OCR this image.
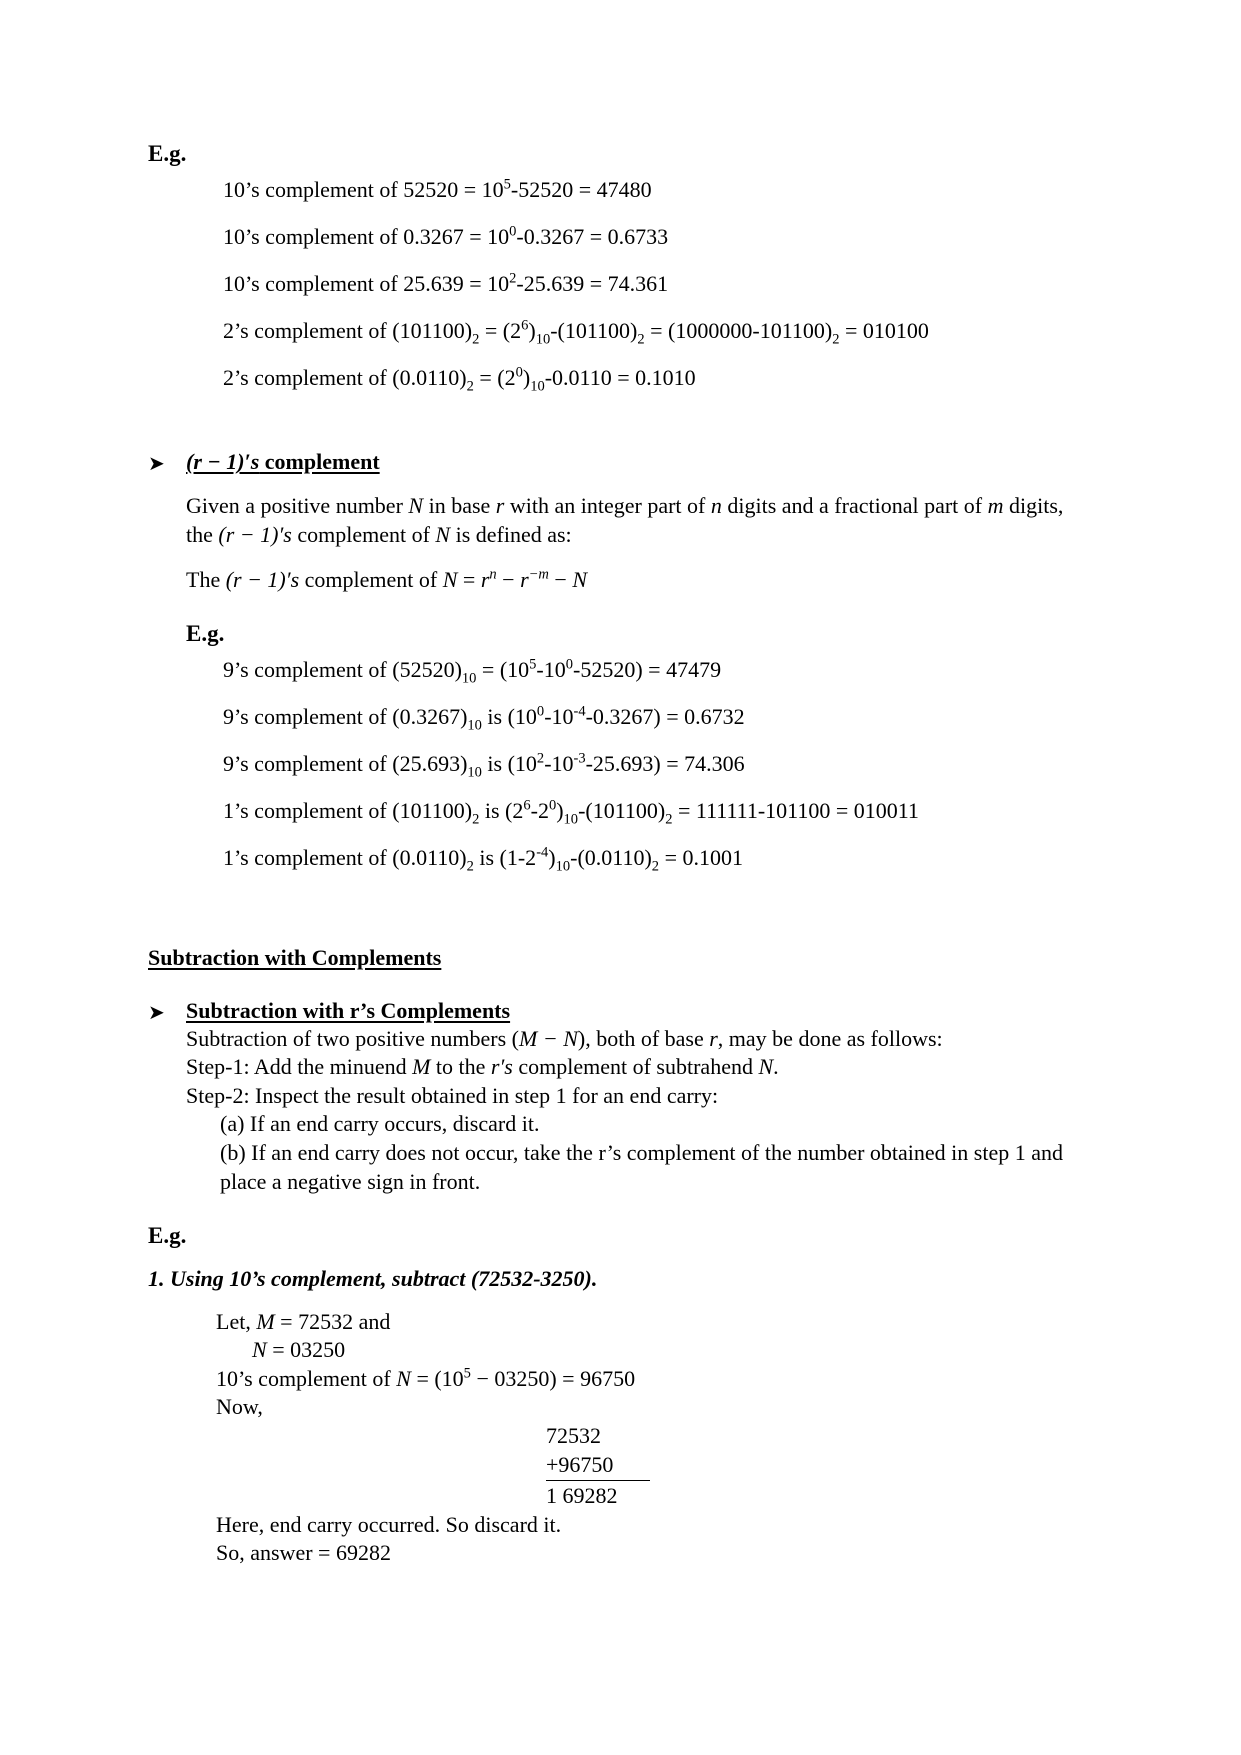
E.g.
10’s complement of $52520 = 10^5-52520 = 47480$
10’s complement of $0.3267 = 10^0-0.3267 = 0.6733$
10’s complement of $25.639 = 10^2-25.639 = 74.361$
2’s complement of $(101100)_2 = (2^6)_{10}-(101100)_2 = (1000000-101100)_2 = 010100$
2’s complement of $(0.0110)_2 = (2^0)_{10}-0.0110 = 0.1010$
➤ (r − 1)′s complement

Given a positive number N in base r with an integer part of n digits and a fractional part of m digits, the (r − 1)′s complement of N is defined as:

The (r − 1)′s complement of $N = r^n - r^{-m} - N$

E.g.
9’s complement of $(52520)_{10} = (10^5-10^0-52520) = 47479$
9’s complement of $(0.3267)_{10}$ is $(10^0-10^{-4}-0.3267) = 0.6732$
9’s complement of $(25.693)_{10}$ is $(10^2-10^{-3}-25.693) = 74.306$
1’s complement of $(101100)_2$ is $(2^6-2^0)_{10}-(101100)_2 = 111111-101100 = 010011$
1’s complement of $(0.0110)_2$ is $(1-2^{-4})_{10}-(0.0110)_2 = 0.1001$
Subtraction with Complements
➤ Subtraction with r’s Complements

Subtraction of two positive numbers (M − N), both of base r, may be done as follows:

Step-1: Add the minuend M to the r′s complement of subtrahend N.

Step-2: Inspect the result obtained in step 1 for an end carry:

(a) If an end carry occurs, discard it.

(b) If an end carry does not occur, take the r’s complement of the number obtained in step 1 and place a negative sign in front.

E.g.
1. Using 10’s complement, subtract (72532-3250).

Let, M = 72532 and

N = 03250

10’s complement of $N = (10^5 - 03250) = 96750$

Now,

72532
+96750
1 69282

Here, end carry occurred. So discard it.

So, answer = 69282
